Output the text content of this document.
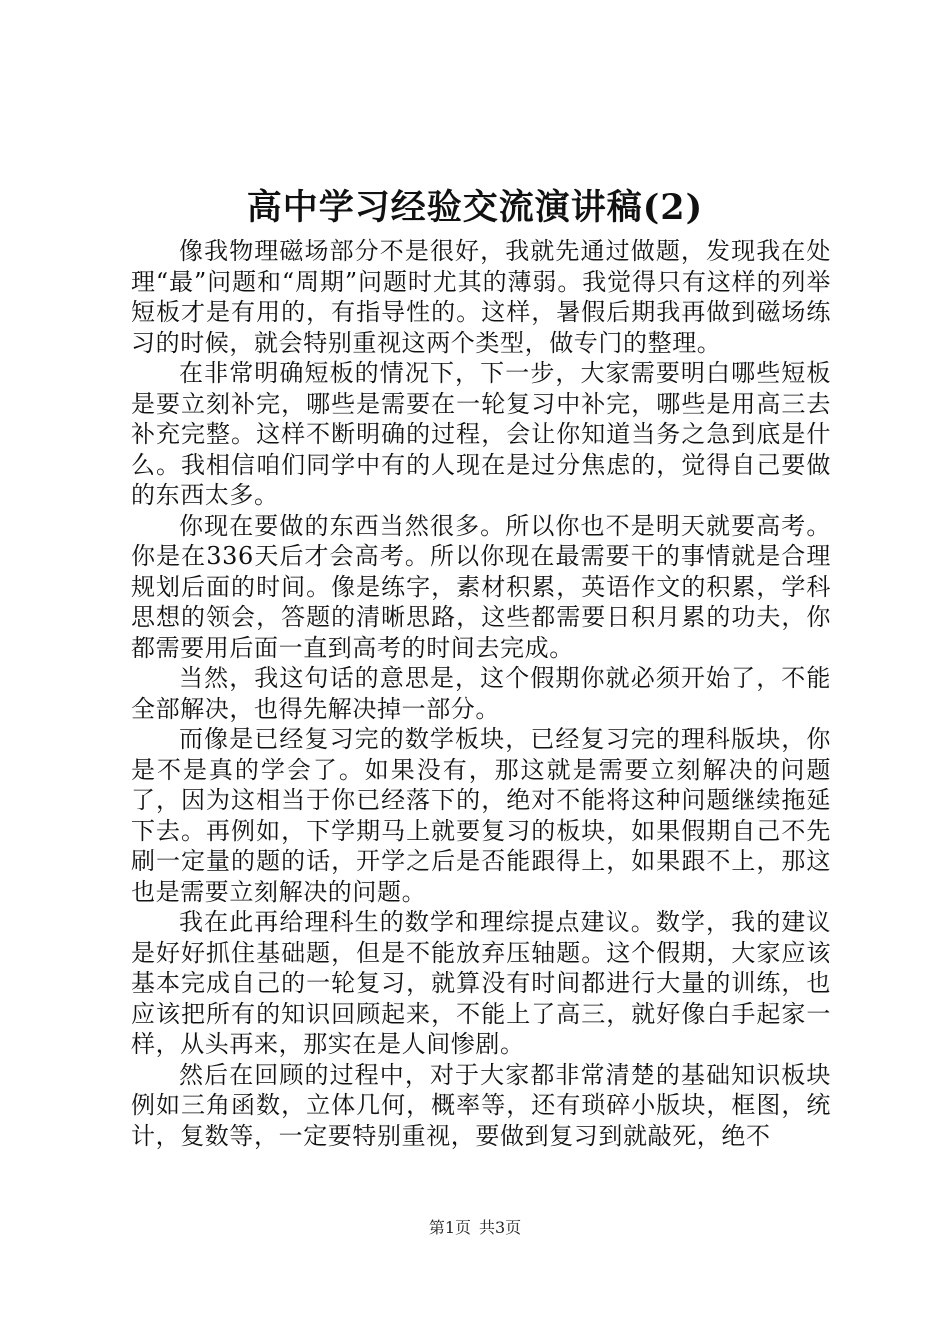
高中学习经验交流演讲稿(2)

像我物理磁场部分不是很好，我就先通过做题，发现我在处理“最”问题和“周期”问题时尤其的薄弱。我觉得只有这样的列举短板才是有用的，有指导性的。这样，暑假后期我再做到磁场练习的时候，就会特别重视这两个类型，做专门的整理。

在非常明确短板的情况下，下一步，大家需要明白哪些短板是要立刻补完，哪些是需要在一轮复习中补完，哪些是用高三去补充完整。这样不断明确的过程，会让你知道当务之急到底是什么。我相信咱们同学中有的人现在是过分焦虑的，觉得自己要做的东西太多。

你现在要做的东西当然很多。所以你也不是明天就要高考。你是在336天后才会高考。所以你现在最需要干的事情就是合理规划后面的时间。像是练字，素材积累，英语作文的积累，学科思想的领会，答题的清晰思路，这些都需要日积月累的功夫，你都需要用后面一直到高考的时间去完成。

当然，我这句话的意思是，这个假期你就必须开始了，不能全部解决，也得先解决掉一部分。

而像是已经复习完的数学板块，已经复习完的理科版块，你是不是真的学会了。如果没有，那这就是需要立刻解决的问题了，因为这相当于你已经落下的，绝对不能将这种问题继续拖延下去。再例如，下学期马上就要复习的板块，如果假期自己不先刷一定量的题的话，开学之后是否能跟得上，如果跟不上，那这也是需要立刻解决的问题。

我在此再给理科生的数学和理综提点建议。数学，我的建议是好好抓住基础题，但是不能放弃压轴题。这个假期，大家应该基本完成自己的一轮复习，就算没有时间都进行大量的训练，也应该把所有的知识回顾起来，不能上了高三，就好像白手起家一样，从头再来，那实在是人间惨剧。

然后在回顾的过程中，对于大家都非常清楚的基础知识板块例如三角函数，立体几何，概率等，还有琐碎小版块，框图，统计，复数等，一定要特别重视，要做到复习到就敲死，绝不

第1页 共3页
